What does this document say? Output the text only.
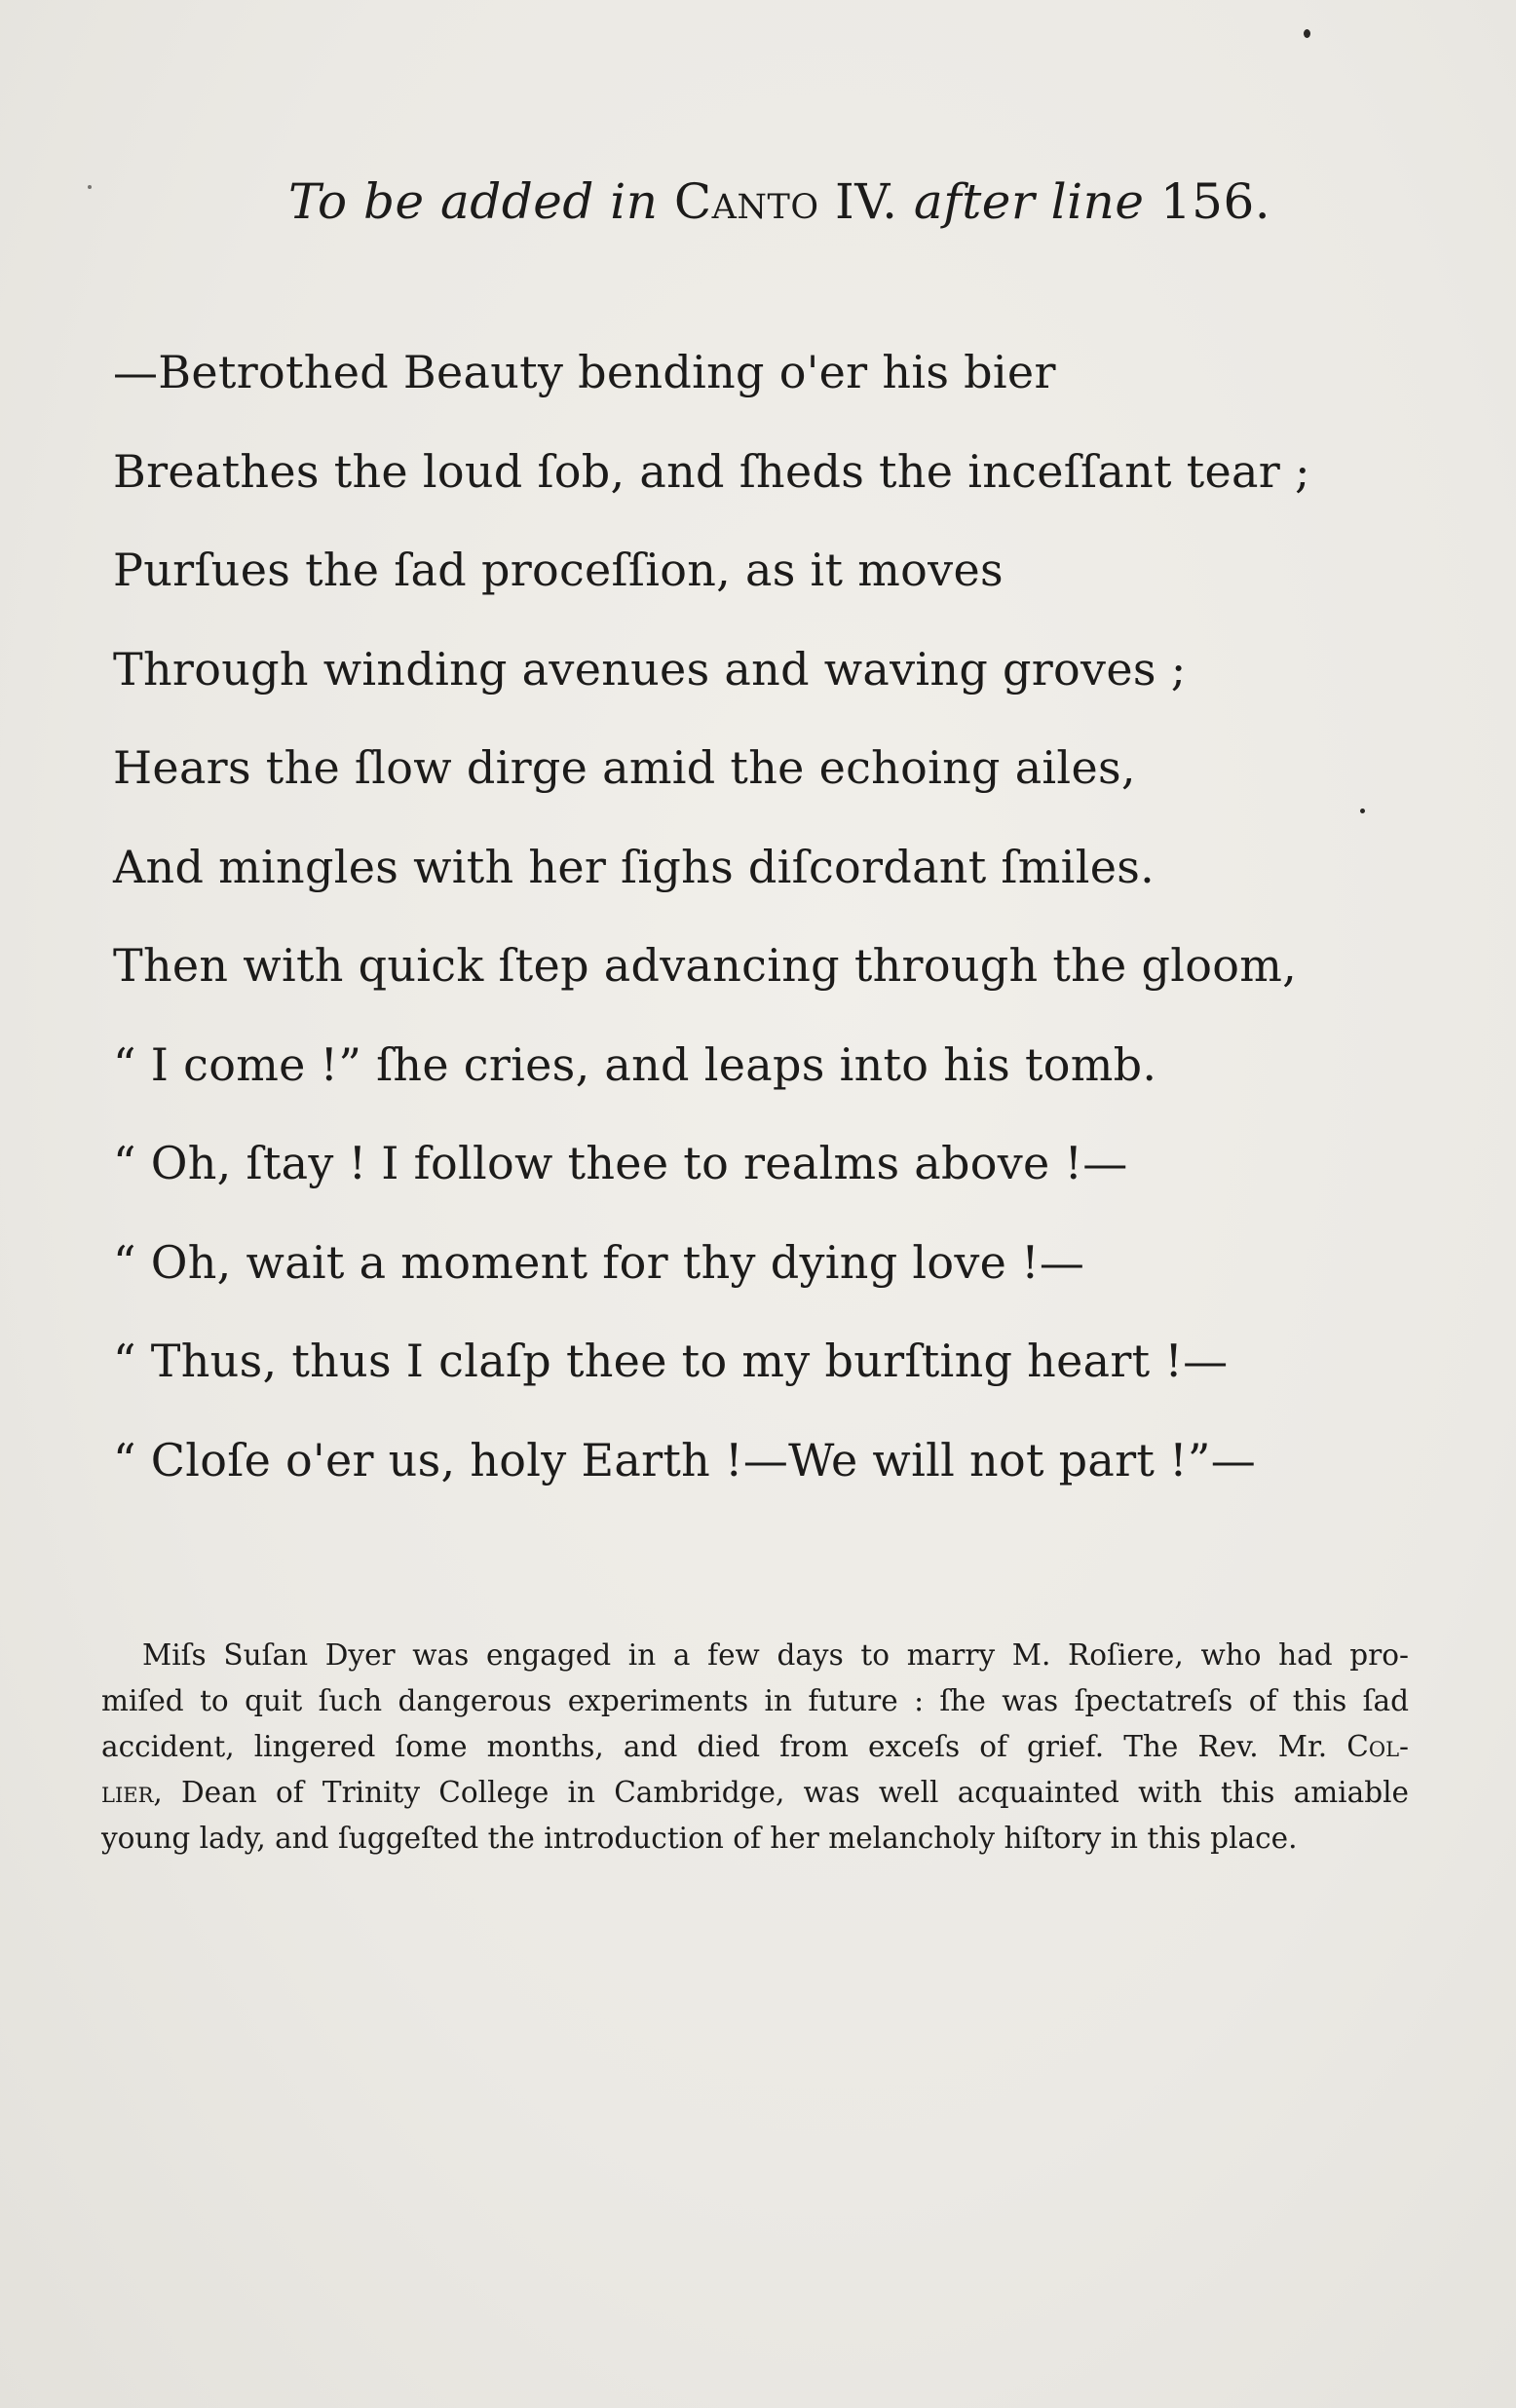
To be added in Canto IV. after line 156.
—Betrothed Beauty bending o'er his bier
Breathes the loud ſob, and ſheds the inceſſant tear ;
Purſues the ſad proceſſion, as it moves
Through winding avenues and waving groves ;
Hears the ſlow dirge amid the echoing ailes,
And mingles with her ſighs diſcordant ſmiles.
Then with quick ſtep advancing through the gloom,
“ I come !” ſhe cries, and leaps into his tomb.
“ Oh, ſtay ! I follow thee to realms above !—
“ Oh, wait a moment for thy dying love !—
“ Thus, thus I claſp thee to my burſting heart !—
“ Cloſe o'er us, holy Earth !—We will not part !”—
Miſs Suſan Dyer was engaged in a few days to marry M. Roſiere, who had pro-
miſed to quit ſuch dangerous experiments in future : ſhe was ſpectatreſs of this ſad
accident, lingered ſome months, and died from exceſs of grief. The Rev. Mr. Col-
lier, Dean of Trinity College in Cambridge, was well acquainted with this amiable
young lady, and ſuggeſted the introduction of her melancholy hiſtory in this place.
